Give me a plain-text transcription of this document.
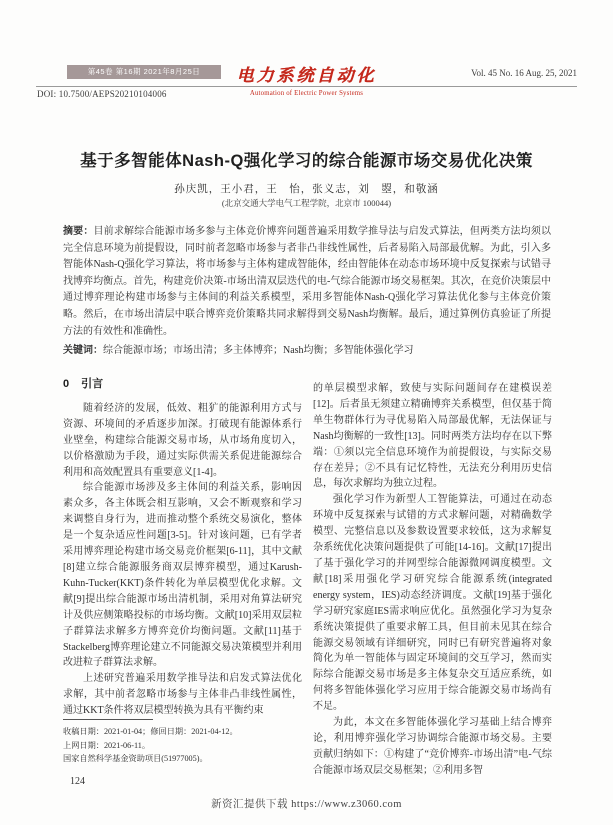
第45卷 第16期 2021年8月25日
DOI: 10.7500/AEPS20210104006
电力系统自动化
Automation of Electric Power Systems
Vol. 45 No. 16 Aug. 25, 2021
基于多智能体Nash-Q强化学习的综合能源市场交易优化决策
孙庆凯，王小君，王　怡，张义志，刘　曌，和敬涵
(北京交通大学电气工程学院，北京市 100044)

摘要：目前求解综合能源市场多参与主体竞价博弈问题普遍采用数学推导法与启发式算法，但两类方法均须以完全信息环境为前提假设，同时前者忽略市场参与者非凸非线性属性，后者易陷入局部最优解。为此，引入多智能体Nash-Q强化学习算法，将市场参与主体构建成智能体，经由智能体在动态市场环境中反复探索与试错寻找博弈均衡点。首先，构建竞价决策-市场出清双层迭代的电-气综合能源市场交易框架。其次，在竞价决策层中通过博弈理论构建市场参与主体间的利益关系模型，采用多智能体Nash-Q强化学习算法优化参与主体竞价策略。然后，在市场出清层中联合博弈竞价策略共同求解得到交易Nash均衡解。最后，通过算例仿真验证了所提方法的有效性和准确性。

关键词：综合能源市场；市场出清；多主体博弈；Nash均衡；多智能体强化学习

0 引言

随着经济的发展，低效、粗犷的能源利用方式与资源、环境间的矛盾逐步加深。打破现有能源体系行业壁垒，构建综合能源交易市场，从市场角度切入，以价格激励为手段，通过实际供需关系促进能源综合利用和高效配置具有重要意义[1-4]。

综合能源市场涉及多主体间的利益关系，影响因素众多，各主体既会相互影响，又会不断观察和学习来调整自身行为，进而推动整个系统交易演化，整体是一个复杂适应性问题[3-5]。针对该问题，已有学者采用博弈理论构建市场交易竞价框架[6-11]，其中文献[8]建立综合能源服务商双层博弈模型，通过Karush-Kuhn-Tucker(KKT)条件转化为单层模型优化求解。文献[9]提出综合能源市场出清机制，采用对角算法研究计及供应侧策略投标的市场均衡。文献[10]采用双层粒子群算法求解多方博弈竞价均衡问题。文献[11]基于Stackelberg博弈理论建立不同能源交易决策模型并利用改进粒子群算法求解。

上述研究普遍采用数学推导法和启发式算法优化求解，其中前者忽略市场参与主体非凸非线性属性，通过KKT条件将双层模型转换为具有平衡约束

的单层模型求解，致使与实际问题间存在建模误差[12]。后者虽无须建立精确博弈关系模型，但仅基于简单生物群体行为寻优易陷入局部最优解，无法保证与Nash均衡解的一致性[13]。同时两类方法均存在以下弊端：①须以完全信息环境作为前提假设，与实际交易存在差异；②不具有记忆特性，无法充分利用历史信息，每次求解均为独立过程。

强化学习作为新型人工智能算法，可通过在动态环境中反复探索与试错的方式求解问题，对精确数学模型、完整信息以及参数设置要求较低，这为求解复杂系统优化决策问题提供了可能[14-16]。文献[17]提出了基于强化学习的并网型综合能源微网调度模型。文献[18]采用强化学习研究综合能源系统(integrated energy system，IES)动态经济调度。文献[19]基于强化学习研究家庭IES需求响应优化。虽然强化学习为复杂系统决策提供了重要求解工具，但目前未见其在综合能源交易领域有详细研究，同时已有研究普遍将对象简化为单一智能体与固定环境间的交互学习，然而实际综合能源交易市场是多主体复杂交互适应系统，如何将多智能体强化学习应用于综合能源交易市场尚有不足。

为此，本文在多智能体强化学习基础上结合博弈论，利用博弈强化学习协调综合能源市场交易。主要贡献归纳如下：①构建了“竞价博弈-市场出清”电-气综合能源市场双层交易框架；②利用多智

收稿日期：2021-01-04；修回日期：2021-04-12。

上网日期：2021-06-11。

国家自然科学基金资助项目(51977005)。

124
新资汇提供下载 https://www.z3060.com
